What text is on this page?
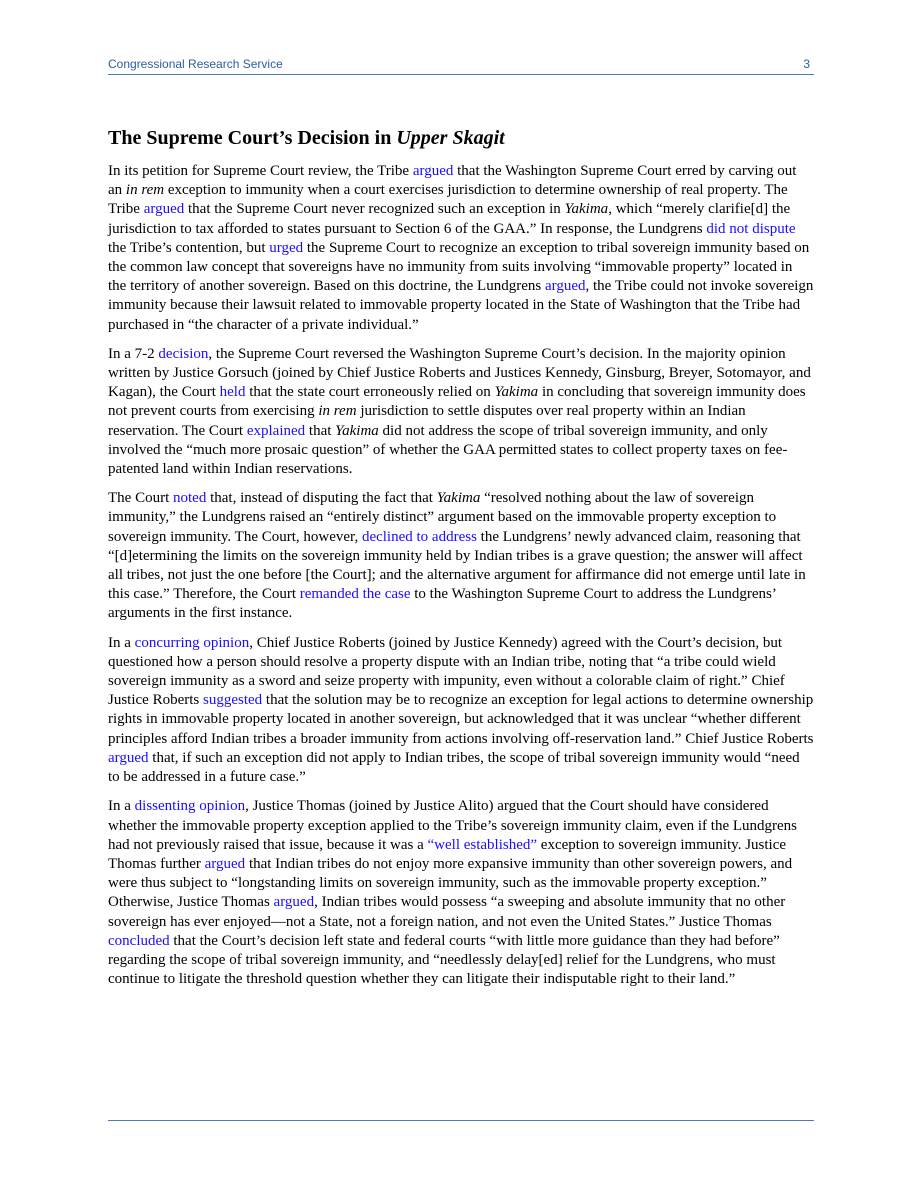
Congressional Research Service	3
The Supreme Court’s Decision in Upper Skagit

In its petition for Supreme Court review, the Tribe argued that the Washington Supreme Court erred by carving out an in rem exception to immunity when a court exercises jurisdiction to determine ownership of real property. The Tribe argued that the Supreme Court never recognized such an exception in Yakima, which “merely clarifie[d] the jurisdiction to tax afforded to states pursuant to Section 6 of the GAA.” In response, the Lundgrens did not dispute the Tribe’s contention, but urged the Supreme Court to recognize an exception to tribal sovereign immunity based on the common law concept that sovereigns have no immunity from suits involving “immovable property” located in the territory of another sovereign. Based on this doctrine, the Lundgrens argued, the Tribe could not invoke sovereign immunity because their lawsuit related to immovable property located in the State of Washington that the Tribe had purchased in “the character of a private individual.”

In a 7-2 decision, the Supreme Court reversed the Washington Supreme Court’s decision. In the majority opinion written by Justice Gorsuch (joined by Chief Justice Roberts and Justices Kennedy, Ginsburg, Breyer, Sotomayor, and Kagan), the Court held that the state court erroneously relied on Yakima in concluding that sovereign immunity does not prevent courts from exercising in rem jurisdiction to settle disputes over real property within an Indian reservation. The Court explained that Yakima did not address the scope of tribal sovereign immunity, and only involved the “much more prosaic question” of whether the GAA permitted states to collect property taxes on fee-patented land within Indian reservations.

The Court noted that, instead of disputing the fact that Yakima “resolved nothing about the law of sovereign immunity,” the Lundgrens raised an “entirely distinct” argument based on the immovable property exception to sovereign immunity. The Court, however, declined to address the Lundgrens’ newly advanced claim, reasoning that “[d]etermining the limits on the sovereign immunity held by Indian tribes is a grave question; the answer will affect all tribes, not just the one before [the Court]; and the alternative argument for affirmance did not emerge until late in this case.” Therefore, the Court remanded the case to the Washington Supreme Court to address the Lundgrens’ arguments in the first instance.

In a concurring opinion, Chief Justice Roberts (joined by Justice Kennedy) agreed with the Court’s decision, but questioned how a person should resolve a property dispute with an Indian tribe, noting that “a tribe could wield sovereign immunity as a sword and seize property with impunity, even without a colorable claim of right.” Chief Justice Roberts suggested that the solution may be to recognize an exception for legal actions to determine ownership rights in immovable property located in another sovereign, but acknowledged that it was unclear “whether different principles afford Indian tribes a broader immunity from actions involving off-reservation land.” Chief Justice Roberts argued that, if such an exception did not apply to Indian tribes, the scope of tribal sovereign immunity would “need to be addressed in a future case.”

In a dissenting opinion, Justice Thomas (joined by Justice Alito) argued that the Court should have considered whether the immovable property exception applied to the Tribe’s sovereign immunity claim, even if the Lundgrens had not previously raised that issue, because it was a “well established” exception to sovereign immunity. Justice Thomas further argued that Indian tribes do not enjoy more expansive immunity than other sovereign powers, and were thus subject to “longstanding limits on sovereign immunity, such as the immovable property exception.” Otherwise, Justice Thomas argued, Indian tribes would possess “a sweeping and absolute immunity that no other sovereign has ever enjoyed—not a State, not a foreign nation, and not even the United States.” Justice Thomas concluded that the Court’s decision left state and federal courts “with little more guidance than they had before” regarding the scope of tribal sovereign immunity, and “needlessly delay[ed] relief for the Lundgrens, who must continue to litigate the threshold question whether they can litigate their indisputable right to their land.”
